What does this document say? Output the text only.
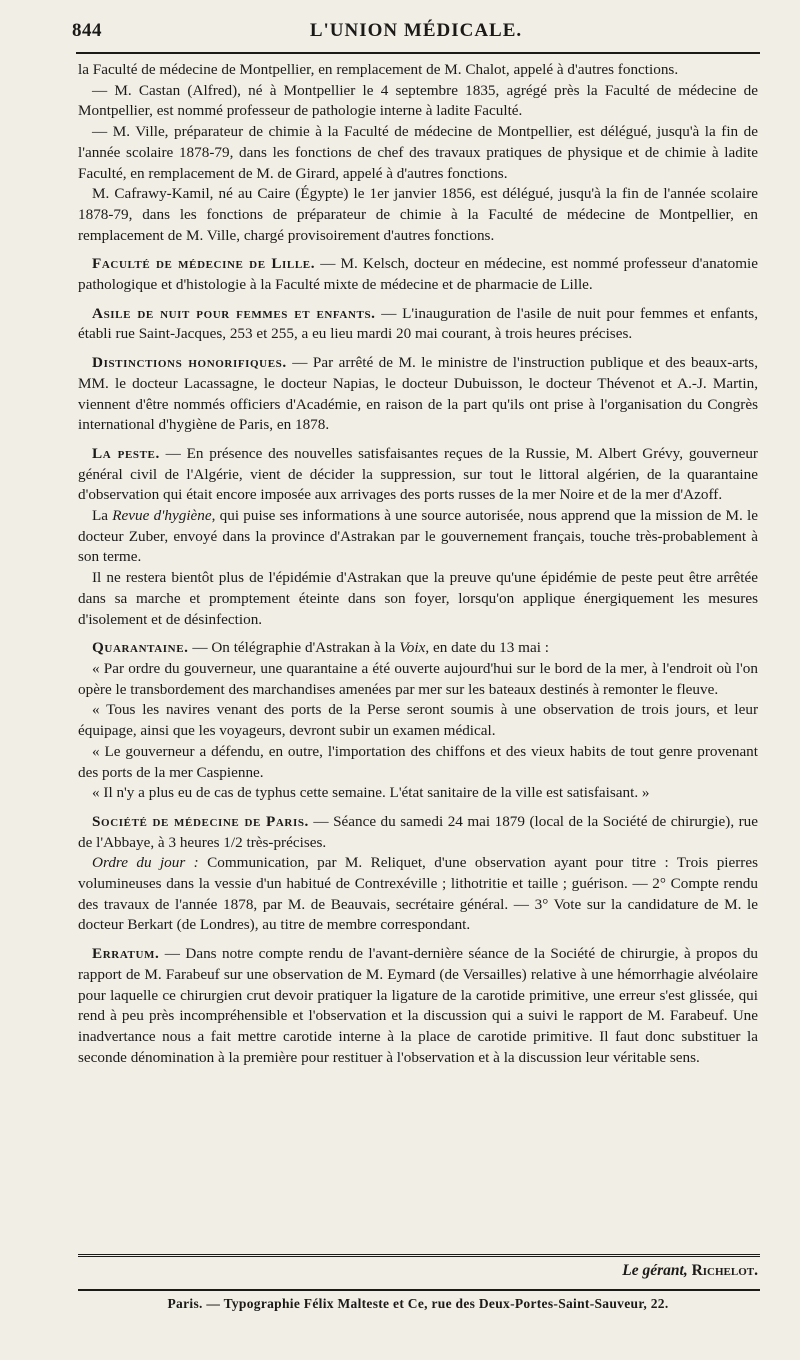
844	L'UNION MÉDICALE.

la Faculté de médecine de Montpellier, en remplacement de M. Chalot, appelé à d'autres fonctions.

— M. Castan (Alfred), né à Montpellier le 4 septembre 1835, agrégé près la Faculté de médecine de Montpellier, est nommé professeur de pathologie interne à ladite Faculté.

— M. Ville, préparateur de chimie à la Faculté de médecine de Montpellier, est délégué, jusqu'à la fin de l'année scolaire 1878-79, dans les fonctions de chef des travaux pratiques de physique et de chimie à ladite Faculté, en remplacement de M. de Girard, appelé à d'autres fonctions.

M. Cafrawy-Kamil, né au Caire (Égypte) le 1er janvier 1856, est délégué, jusqu'à la fin de l'année scolaire 1878-79, dans les fonctions de préparateur de chimie à la Faculté de médecine de Montpellier, en remplacement de M. Ville, chargé provisoirement d'autres fonctions.

Faculté de médecine de Lille. — M. Kelsch, docteur en médecine, est nommé professeur d'anatomie pathologique et d'histologie à la Faculté mixte de médecine et de pharmacie de Lille.

Asile de nuit pour femmes et enfants. — L'inauguration de l'asile de nuit pour femmes et enfants, établi rue Saint-Jacques, 253 et 255, a eu lieu mardi 20 mai courant, à trois heures précises.

Distinctions honorifiques. — Par arrêté de M. le ministre de l'instruction publique et des beaux-arts, MM. le docteur Lacassagne, le docteur Napias, le docteur Dubuisson, le docteur Thévenot et A.-J. Martin, viennent d'être nommés officiers d'Académie, en raison de la part qu'ils ont prise à l'organisation du Congrès international d'hygiène de Paris, en 1878.

La peste. — En présence des nouvelles satisfaisantes reçues de la Russie, M. Albert Grévy, gouverneur général civil de l'Algérie, vient de décider la suppression, sur tout le littoral algérien, de la quarantaine d'observation qui était encore imposée aux arrivages des ports russes de la mer Noire et de la mer d'Azoff.

La Revue d'hygiène, qui puise ses informations à une source autorisée, nous apprend que la mission de M. le docteur Zuber, envoyé dans la province d'Astrakan par le gouvernement français, touche très-probablement à son terme.

Il ne restera bientôt plus de l'épidémie d'Astrakan que la preuve qu'une épidémie de peste peut être arrêtée dans sa marche et promptement éteinte dans son foyer, lorsqu'on applique énergiquement les mesures d'isolement et de désinfection.

Quarantaine. — On télégraphie d'Astrakan à la Voix, en date du 13 mai :

« Par ordre du gouverneur, une quarantaine a été ouverte aujourd'hui sur le bord de la mer, à l'endroit où l'on opère le transbordement des marchandises amenées par mer sur les bateaux destinés à remonter le fleuve.

« Tous les navires venant des ports de la Perse seront soumis à une observation de trois jours, et leur équipage, ainsi que les voyageurs, devront subir un examen médical.

« Le gouverneur a défendu, en outre, l'importation des chiffons et des vieux habits de tout genre provenant des ports de la mer Caspienne.

« Il n'y a plus eu de cas de typhus cette semaine. L'état sanitaire de la ville est satisfaisant. »

Société de médecine de Paris. — Séance du samedi 24 mai 1879 (local de la Société de chirurgie), rue de l'Abbaye, à 3 heures 1/2 très-précises.

Ordre du jour : Communication, par M. Reliquet, d'une observation ayant pour titre : Trois pierres volumineuses dans la vessie d'un habitué de Contrexéville ; lithotritie et taille ; guérison. — 2° Compte rendu des travaux de l'année 1878, par M. de Beauvais, secrétaire général. — 3° Vote sur la candidature de M. le docteur Berkart (de Londres), au titre de membre correspondant.

Erratum. — Dans notre compte rendu de l'avant-dernière séance de la Société de chirurgie, à propos du rapport de M. Farabeuf sur une observation de M. Eymard (de Versailles) relative à une hémorrhagie alvéolaire pour laquelle ce chirurgien crut devoir pratiquer la ligature de la carotide primitive, une erreur s'est glissée, qui rend à peu près incompréhensible et l'observation et la discussion qui a suivi le rapport de M. Farabeuf. Une inadvertance nous a fait mettre carotide interne à la place de carotide primitive. Il faut donc substituer la seconde dénomination à la première pour restituer à l'observation et à la discussion leur véritable sens.

Le gérant, Richelot.
Paris. — Typographie Félix Malteste et Ce, rue des Deux-Portes-Saint-Sauveur, 22.
